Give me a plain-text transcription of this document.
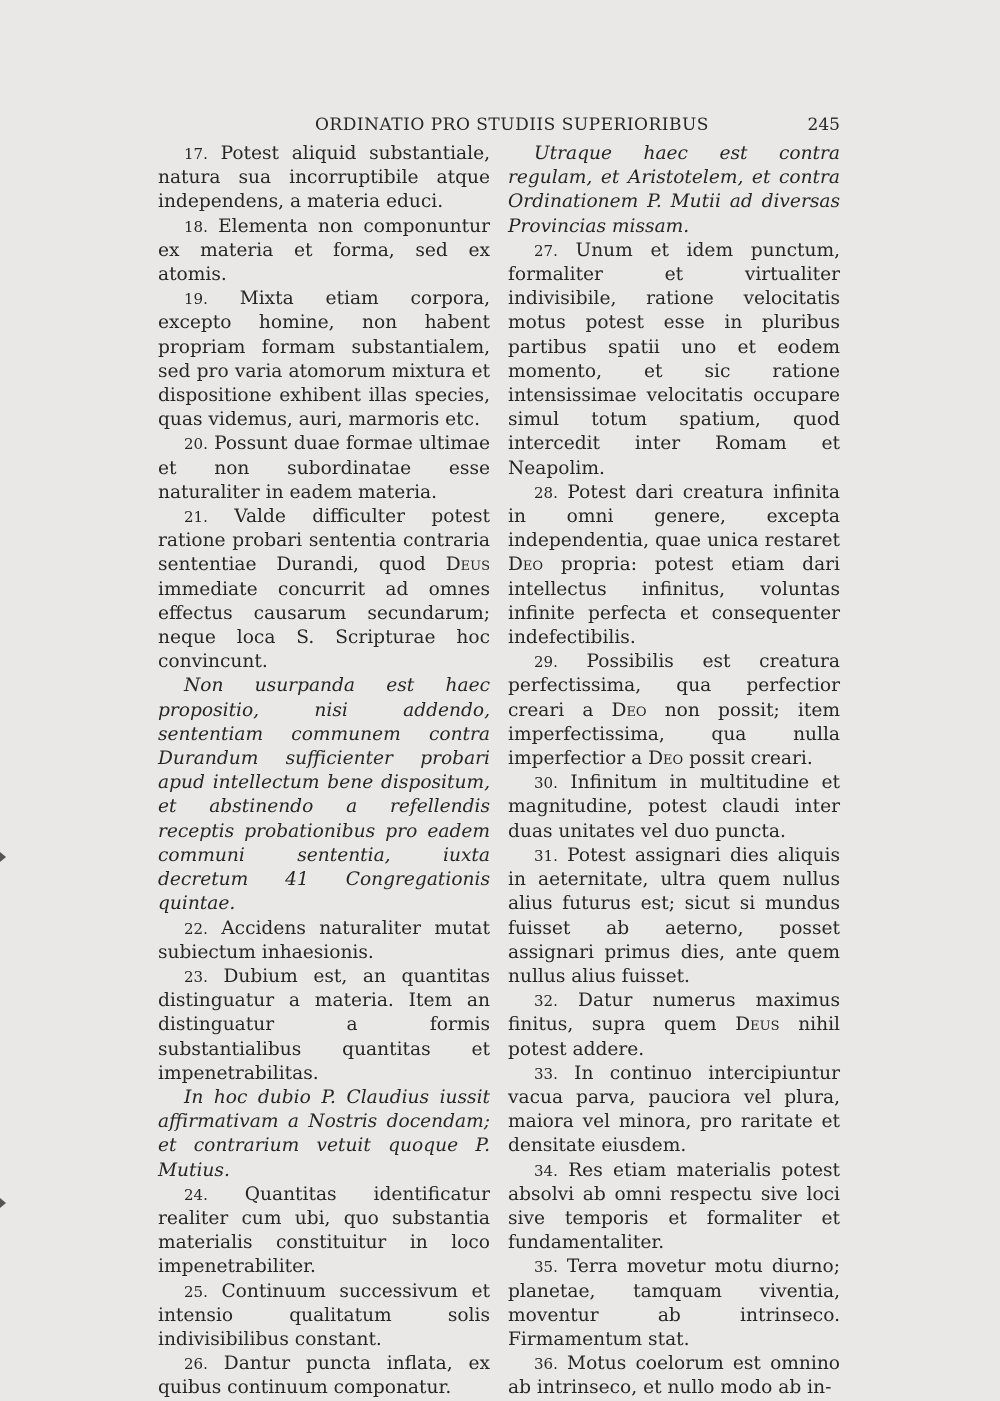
ORDINATIO PRO STUDIIS SUPERIORIBUS	245

17. Potest aliquid substantiale, natura sua incorruptibile atque independens, a materia educi.

18. Elementa non componuntur ex materia et forma, sed ex atomis.

19. Mixta etiam corpora, excepto homine, non habent propriam formam substantialem, sed pro varia atomorum mixtura et dispositione exhibent illas species, quas videmus, auri, marmoris etc.

20. Possunt duae formae ultimae et non subordinatae esse naturaliter in eadem materia.

21. Valde difficulter potest ratione probari sententia contraria sententiae Durandi, quod Deus immediate concurrit ad omnes effectus causarum secundarum; neque loca S. Scripturae hoc convincunt.

Non usurpanda est haec propositio, nisi addendo, sententiam communem contra Durandum sufficienter probari apud intellectum bene dispositum, et abstinendo a refellendis receptis probationibus pro eadem communi sententia, iuxta decretum 41 Congregationis quintae.

22. Accidens naturaliter mutat subiectum inhaesionis.

23. Dubium est, an quantitas distinguatur a materia. Item an distinguatur a formis substantialibus quantitas et impenetrabilitas.

In hoc dubio P. Claudius iussit affirmativam a Nostris docendam; et contrarium vetuit quoque P. Mutius.

24. Quantitas identificatur realiter cum ubi, quo substantia materialis constituitur in loco impenetrabiliter.

25. Continuum successivum et intensio qualitatum solis indivisibilibus constant.

26. Dantur puncta inflata, ex quibus continuum componatur.

Utraque haec est contra regulam, et Aristotelem, et contra Ordinationem P. Mutii ad diversas Provincias missam.

27. Unum et idem punctum, formaliter et virtualiter indivisibile, ratione velocitatis motus potest esse in pluribus partibus spatii uno et eodem momento, et sic ratione intensissimae velocitatis occupare simul totum spatium, quod intercedit inter Romam et Neapolim.

28. Potest dari creatura infinita in omni genere, excepta independentia, quae unica restaret Deo propria: potest etiam dari intellectus infinitus, voluntas infinite perfecta et consequenter indefectibilis.

29. Possibilis est creatura perfectissima, qua perfectior creari a Deo non possit; item imperfectissima, qua nulla imperfectior a Deo possit creari.

30. Infinitum in multitudine et magnitudine, potest claudi inter duas unitates vel duo puncta.

31. Potest assignari dies aliquis in aeternitate, ultra quem nullus alius futurus est; sicut si mundus fuisset ab aeterno, posset assignari primus dies, ante quem nullus alius fuisset.

32. Datur numerus maximus finitus, supra quem Deus nihil potest addere.

33. In continuo intercipiuntur vacua parva, pauciora vel plura, maiora vel minora, pro raritate et densitate eiusdem.

34. Res etiam materialis potest absolvi ab omni respectu sive loci sive temporis et formaliter et fundamentaliter.

35. Terra movetur motu diurno; planetae, tamquam viventia, moventur ab intrinseco. Firmamentum stat.

36. Motus coelorum est omnino ab intrinseco, et nullo modo ab in-
